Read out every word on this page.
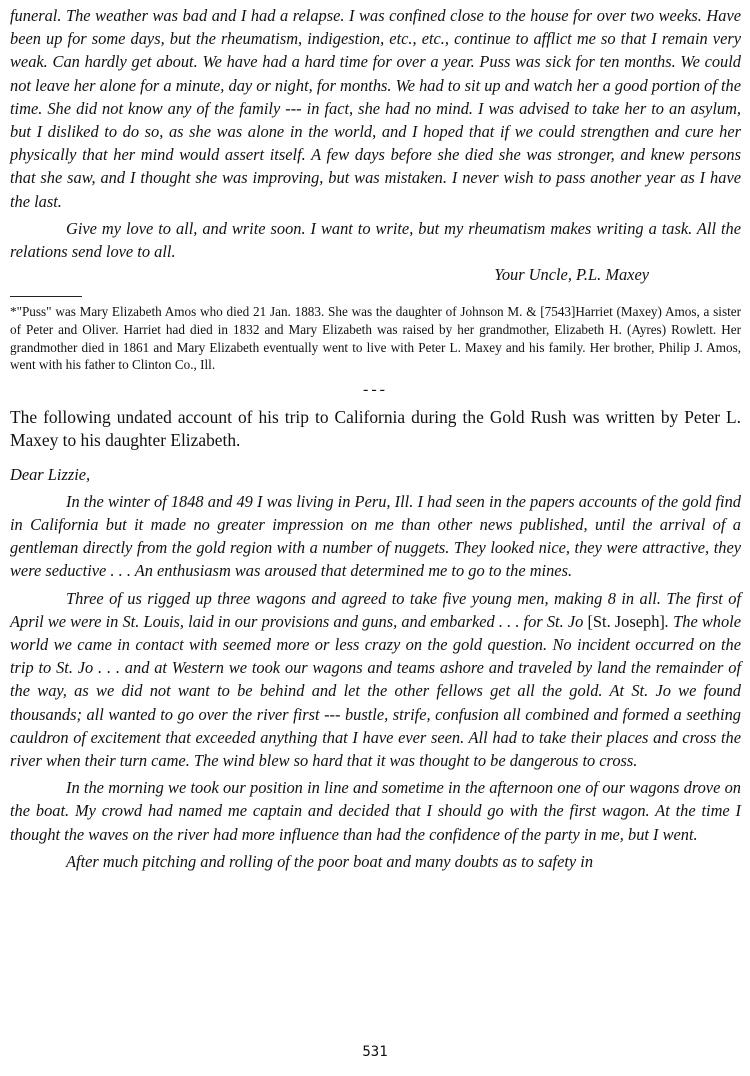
funeral. The weather was bad and I had a relapse. I was confined close to the house for over two weeks. Have been up for some days, but the rheumatism, indigestion, etc., etc., continue to afflict me so that I remain very weak. Can hardly get about. We have had a hard time for over a year. Puss was sick for ten months. We could not leave her alone for a minute, day or night, for months. We had to sit up and watch her a good portion of the time. She did not know any of the family --- in fact, she had no mind. I was advised to take her to an asylum, but I disliked to do so, as she was alone in the world, and I hoped that if we could strengthen and cure her physically that her mind would assert itself. A few days before she died she was stronger, and knew persons that she saw, and I thought she was improving, but was mistaken. I never wish to pass another year as I have the last.

Give my love to all, and write soon. I want to write, but my rheumatism makes writing a task. All the relations send love to all.

Your Uncle, P.L. Maxey

*"Puss" was Mary Elizabeth Amos who died 21 Jan. 1883. She was the daughter of Johnson M. & [7543]Harriet (Maxey) Amos, a sister of Peter and Oliver. Harriet had died in 1832 and Mary Elizabeth was raised by her grandmother, Elizabeth H. (Ayres) Rowlett. Her grandmother died in 1861 and Mary Elizabeth eventually went to live with Peter L. Maxey and his family. Her brother, Philip J. Amos, went with his father to Clinton Co., Ill.

---

The following undated account of his trip to California during the Gold Rush was written by Peter L. Maxey to his daughter Elizabeth.

Dear Lizzie,

In the winter of 1848 and 49 I was living in Peru, Ill. I had seen in the papers accounts of the gold find in California but it made no greater impression on me than other news published, until the arrival of a gentleman directly from the gold region with a number of nuggets. They looked nice, they were attractive, they were seductive . . . An enthusiasm was aroused that determined me to go to the mines.

Three of us rigged up three wagons and agreed to take five young men, making 8 in all. The first of April we were in St. Louis, laid in our provisions and guns, and embarked . . . for St. Jo [St. Joseph]. The whole world we came in contact with seemed more or less crazy on the gold question. No incident occurred on the trip to St. Jo . . . and at Western we took our wagons and teams ashore and traveled by land the remainder of the way, as we did not want to be behind and let the other fellows get all the gold. At St. Jo we found thousands; all wanted to go over the river first --- bustle, strife, confusion all combined and formed a seething cauldron of excitement that exceeded anything that I have ever seen. All had to take their places and cross the river when their turn came. The wind blew so hard that it was thought to be dangerous to cross.

In the morning we took our position in line and sometime in the afternoon one of our wagons drove on the boat. My crowd had named me captain and decided that I should go with the first wagon. At the time I thought the waves on the river had more influence than had the confidence of the party in me, but I went.

After much pitching and rolling of the poor boat and many doubts as to safety in

531
